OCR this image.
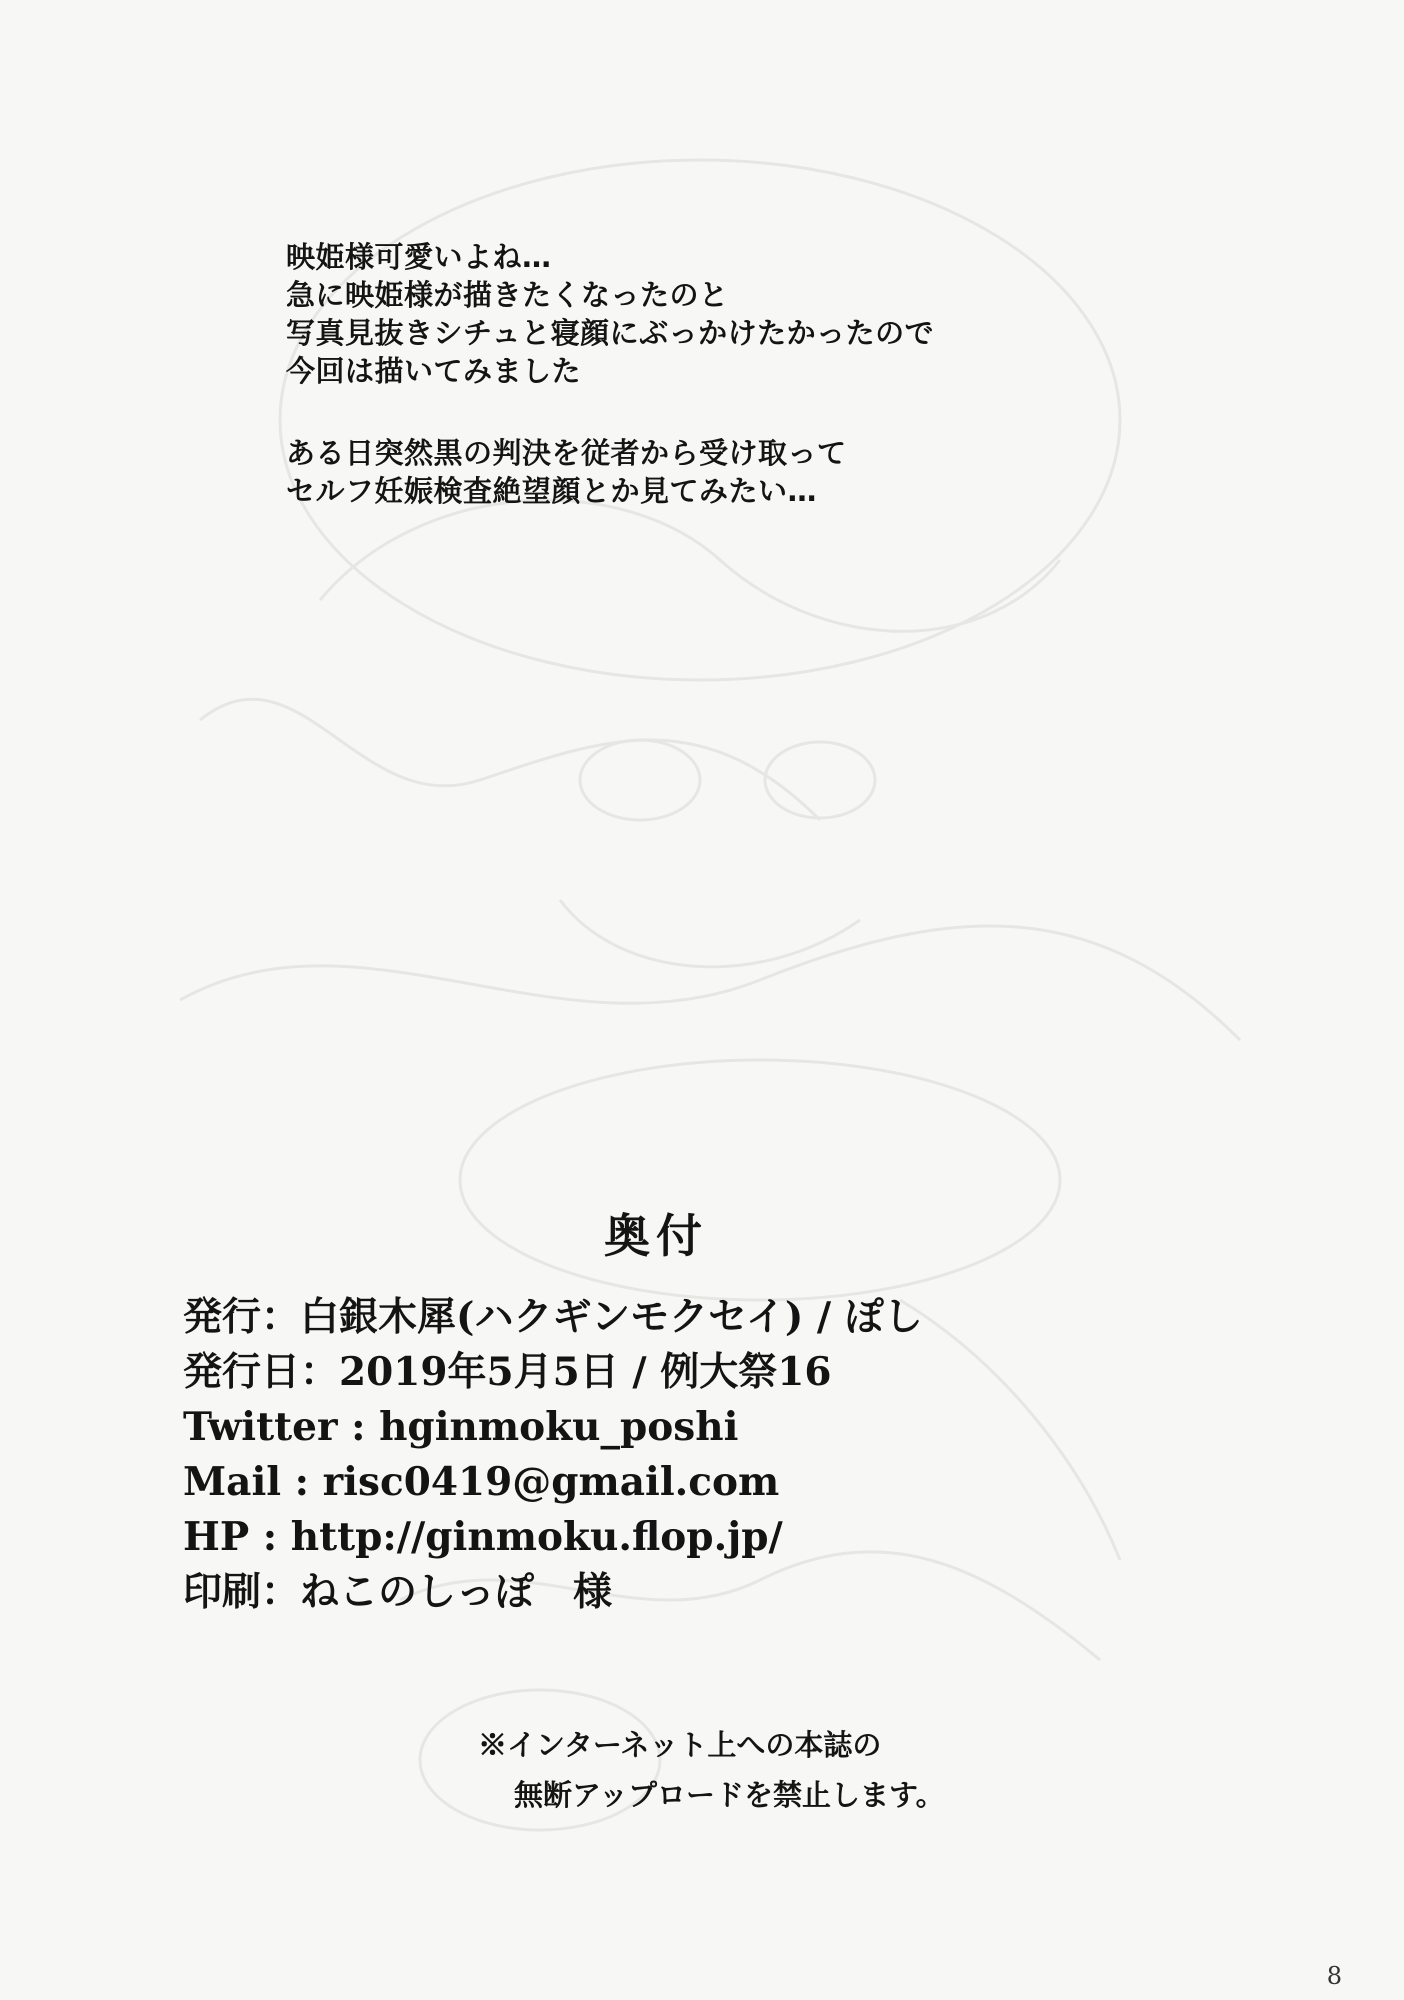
映姫様可愛いよね…
急に映姫様が描きたくなったのと
写真見抜きシチュと寝顔にぶっかけたかったので
今回は描いてみました
ある日突然黒の判決を従者から受け取って
セルフ妊娠検査絶望顔とか見てみたい…
奥付
発行：白銀木犀(ハクギンモクセイ) / ぽし
発行日：2019年5月5日 / 例大祭16
Twitter : hginmoku_poshi
Mail : risc0419@gmail.com
HP : http://ginmoku.flop.jp/
印刷：ねこのしっぽ　様
※インターネット上への本誌の
無断アップロードを禁止します。
8
